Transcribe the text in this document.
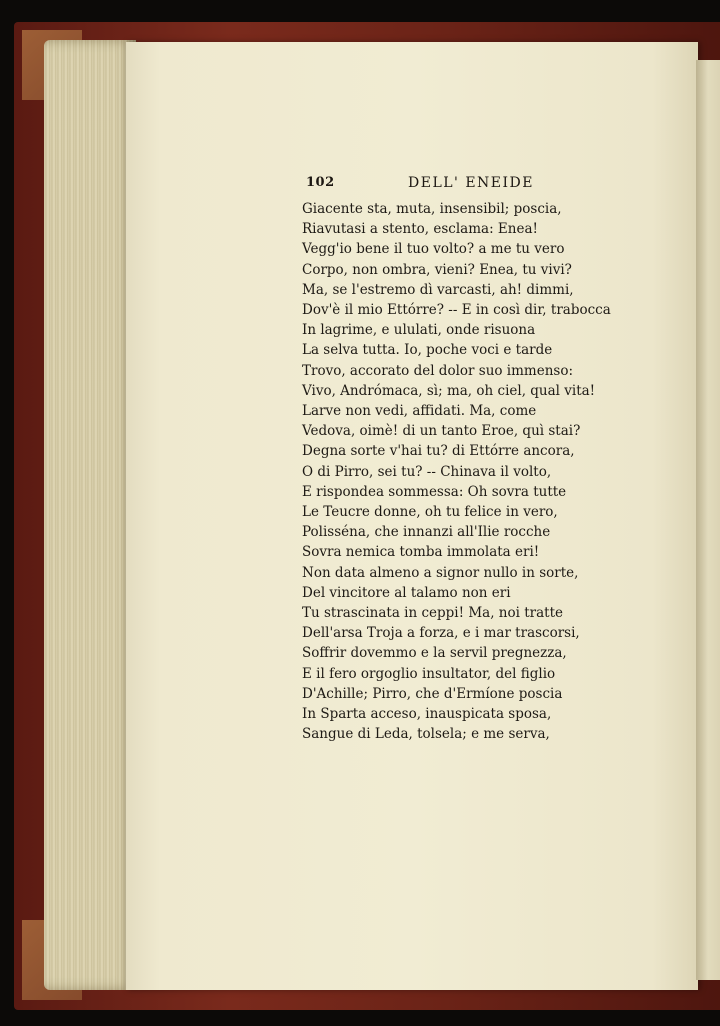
102	DELL' ENEIDE
Giacente sta, muta, insensibil; poscia,
Riavutasi a stento, esclama: Enea!
Vegg'io bene il tuo volto? a me tu vero
Corpo, non ombra, vieni? Enea, tu vivi?
Ma, se l'estremo dì varcasti, ah! dimmi,
Dov'è il mio Ettórre? -- E in così dir, trabocca
In lagrime, e ululati, onde risuona
La selva tutta. Io, poche voci e tarde
Trovo, accorato del dolor suo immenso:
Vivo, Andrómaca, sì; ma, oh ciel, qual vita!
Larve non vedi, affidati. Ma, come
Vedova, oimè! di un tanto Eroe, quì stai?
Degna sorte v'hai tu? di Ettórre ancora,
O di Pirro, sei tu? -- Chinava il volto,
E rispondea sommessa: Oh sovra tutte
Le Teucre donne, oh tu felice in vero,
Polisséna, che innanzi all'Ilie rocche
Sovra nemica tomba immolata eri!
Non data almeno a signor nullo in sorte,
Del vincitore al talamo non eri
Tu strascinata in ceppi! Ma, noi tratte
Dell'arsa Troja a forza, e i mar trascorsi,
Soffrir dovemmo e la servil pregnezza,
E il fero orgoglio insultator, del figlio
D'Achille; Pirro, che d'Ermíone poscia
In Sparta acceso, inauspicata sposa,
Sangue di Leda, tolsela; e me serva,
